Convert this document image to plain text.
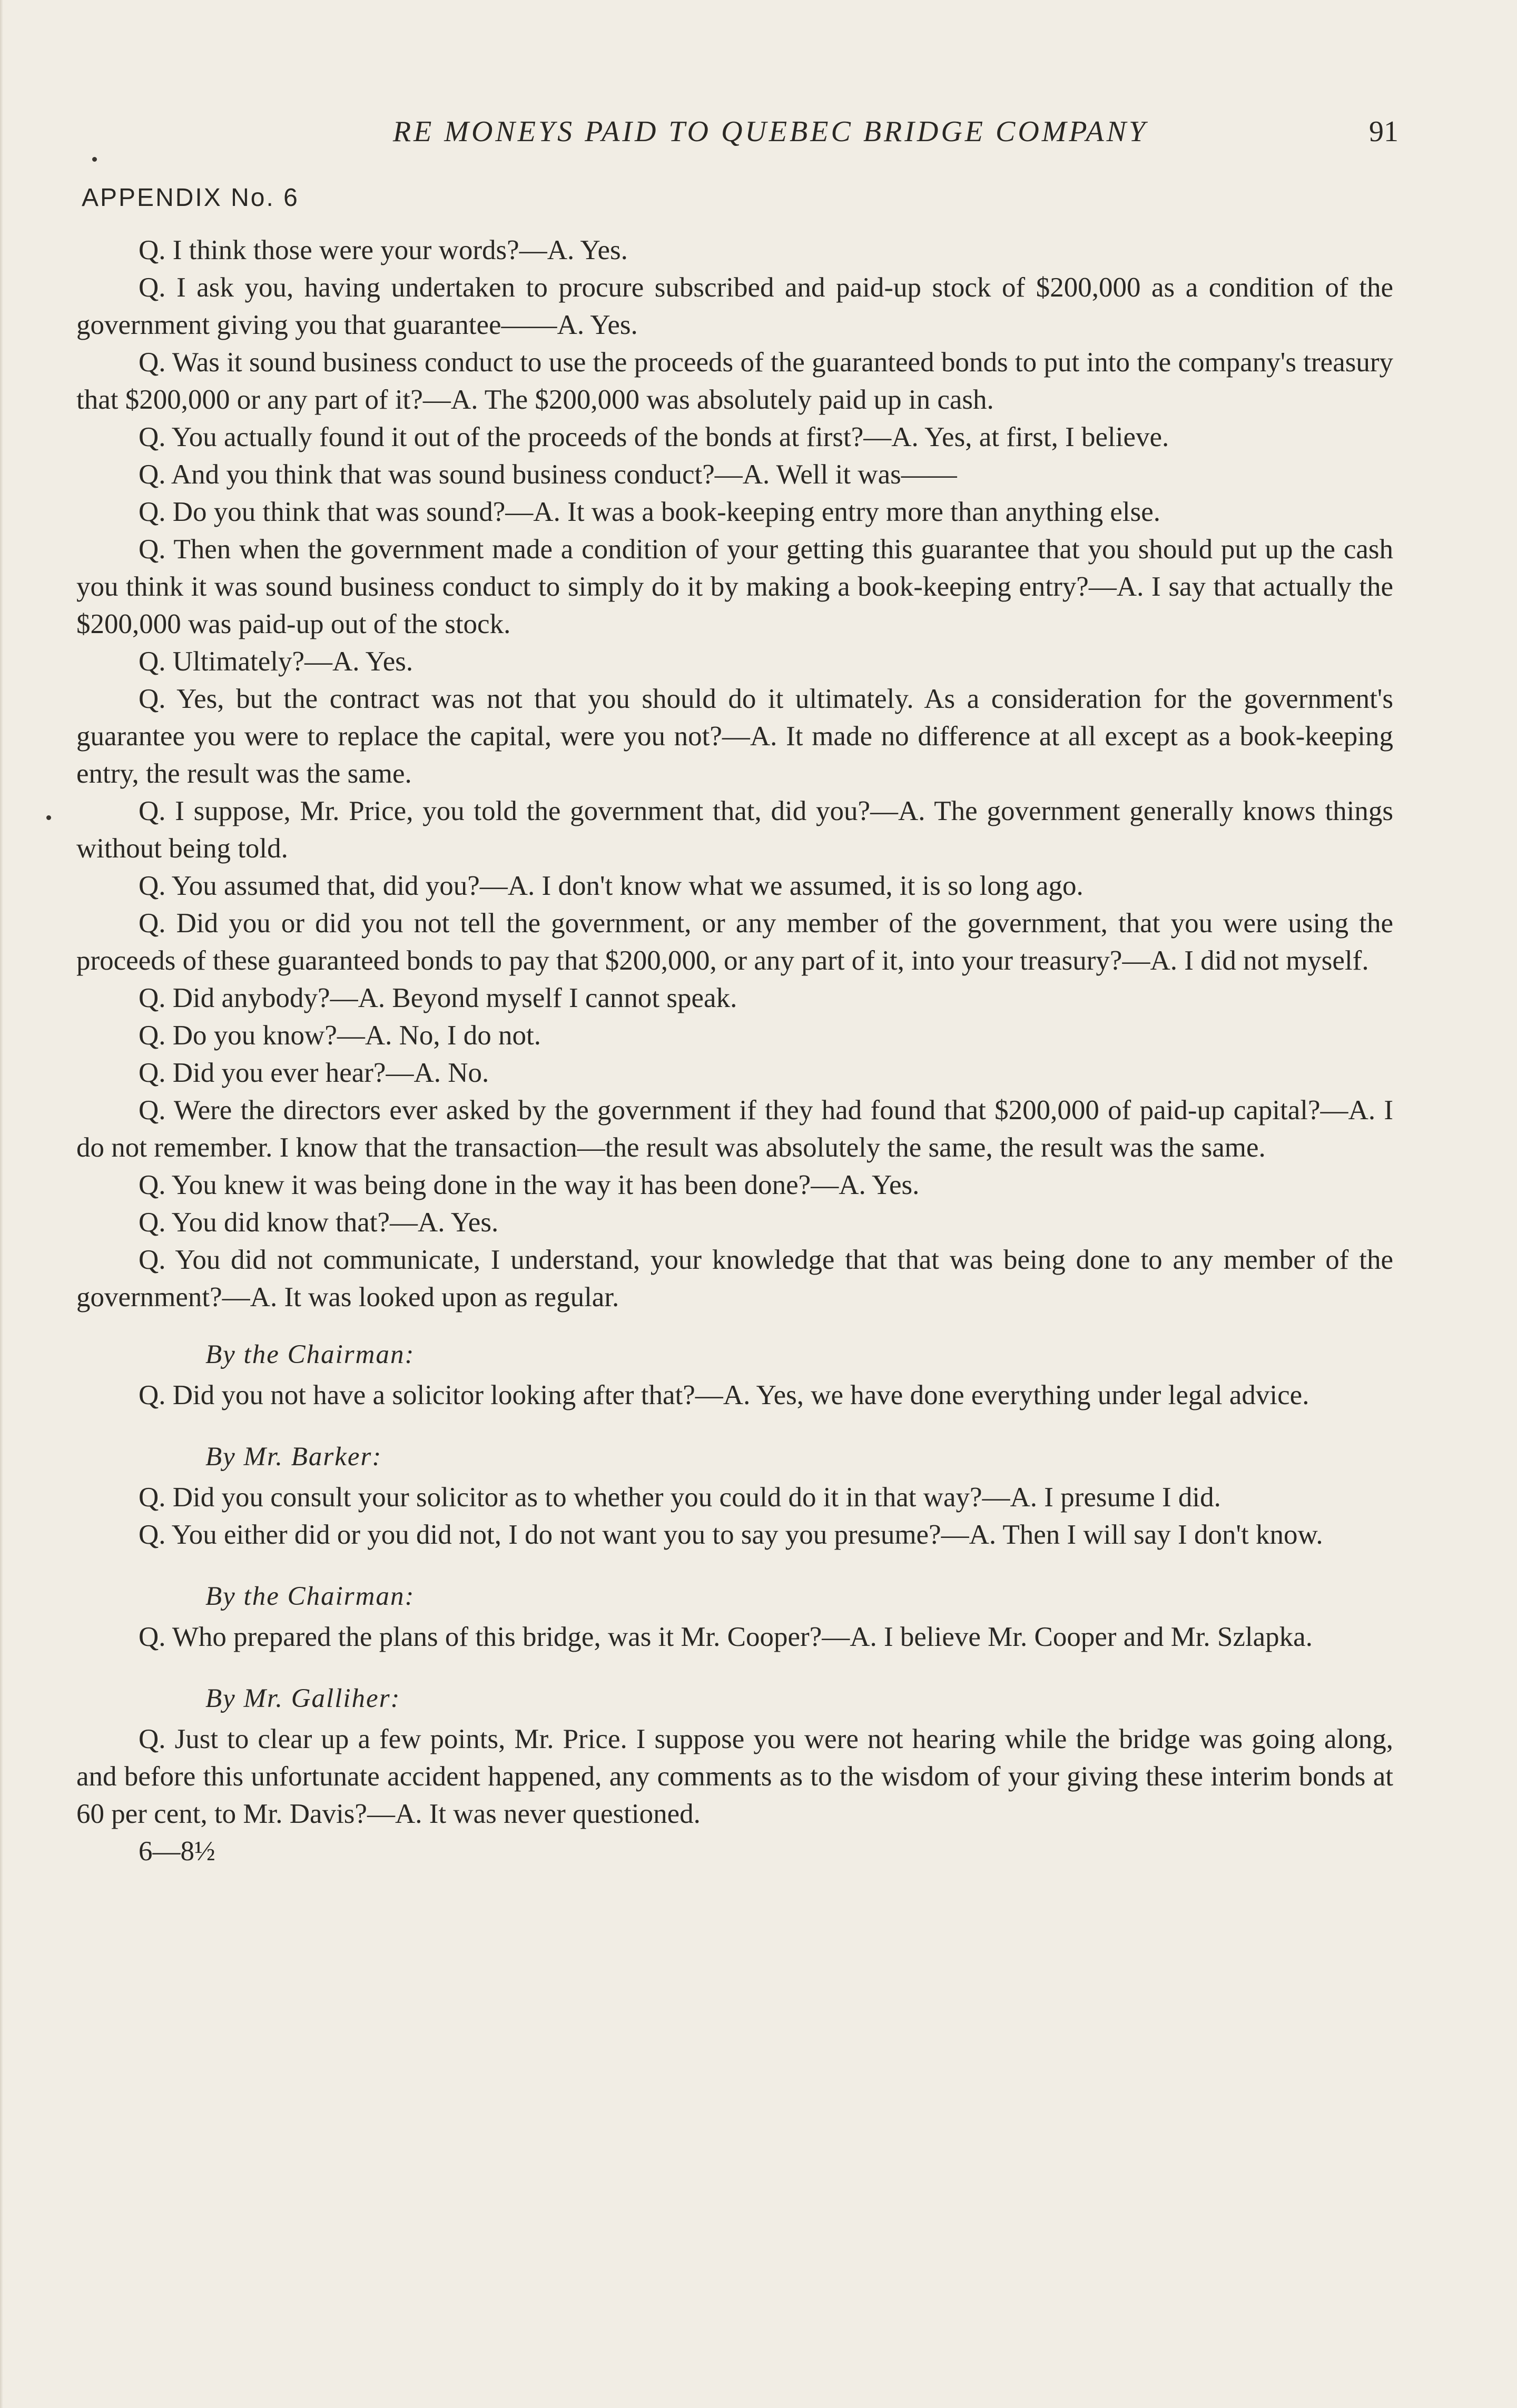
RE MONEYS PAID TO QUEBEC BRIDGE COMPANY	91
APPENDIX No. 6

Q. I think those were your words?—A. Yes.

Q. I ask you, having undertaken to procure subscribed and paid-up stock of $200,000 as a condition of the government giving you that guarantee——A. Yes.

Q. Was it sound business conduct to use the proceeds of the guaranteed bonds to put into the company's treasury that $200,000 or any part of it?—A. The $200,000 was absolutely paid up in cash.

Q. You actually found it out of the proceeds of the bonds at first?—A. Yes, at first, I believe.

Q. And you think that was sound business conduct?—A. Well it was——

Q. Do you think that was sound?—A. It was a book-keeping entry more than anything else.

Q. Then when the government made a condition of your getting this guarantee that you should put up the cash you think it was sound business conduct to simply do it by making a book-keeping entry?—A. I say that actually the $200,000 was paid-up out of the stock.

Q. Ultimately?—A. Yes.

Q. Yes, but the contract was not that you should do it ultimately. As a consideration for the government's guarantee you were to replace the capital, were you not?—A. It made no difference at all except as a book-keeping entry, the result was the same.

Q. I suppose, Mr. Price, you told the government that, did you?—A. The government generally knows things without being told.

Q. You assumed that, did you?—A. I don't know what we assumed, it is so long ago.

Q. Did you or did you not tell the government, or any member of the government, that you were using the proceeds of these guaranteed bonds to pay that $200,000, or any part of it, into your treasury?—A. I did not myself.

Q. Did anybody?—A. Beyond myself I cannot speak.

Q. Do you know?—A. No, I do not.

Q. Did you ever hear?—A. No.

Q. Were the directors ever asked by the government if they had found that $200,000 of paid-up capital?—A. I do not remember. I know that the transaction—the result was absolutely the same, the result was the same.

Q. You knew it was being done in the way it has been done?—A. Yes.

Q. You did know that?—A. Yes.

Q. You did not communicate, I understand, your knowledge that that was being done to any member of the government?—A. It was looked upon as regular.

By the Chairman:

Q. Did you not have a solicitor looking after that?—A. Yes, we have done everything under legal advice.

By Mr. Barker:

Q. Did you consult your solicitor as to whether you could do it in that way?—A. I presume I did.

Q. You either did or you did not, I do not want you to say you presume?—A. Then I will say I don't know.

By the Chairman:

Q. Who prepared the plans of this bridge, was it Mr. Cooper?—A. I believe Mr. Cooper and Mr. Szlapka.

By Mr. Galliher:

Q. Just to clear up a few points, Mr. Price. I suppose you were not hearing while the bridge was going along, and before this unfortunate accident happened, any comments as to the wisdom of your giving these interim bonds at 60 per cent, to Mr. Davis?—A. It was never questioned.

6—8½
